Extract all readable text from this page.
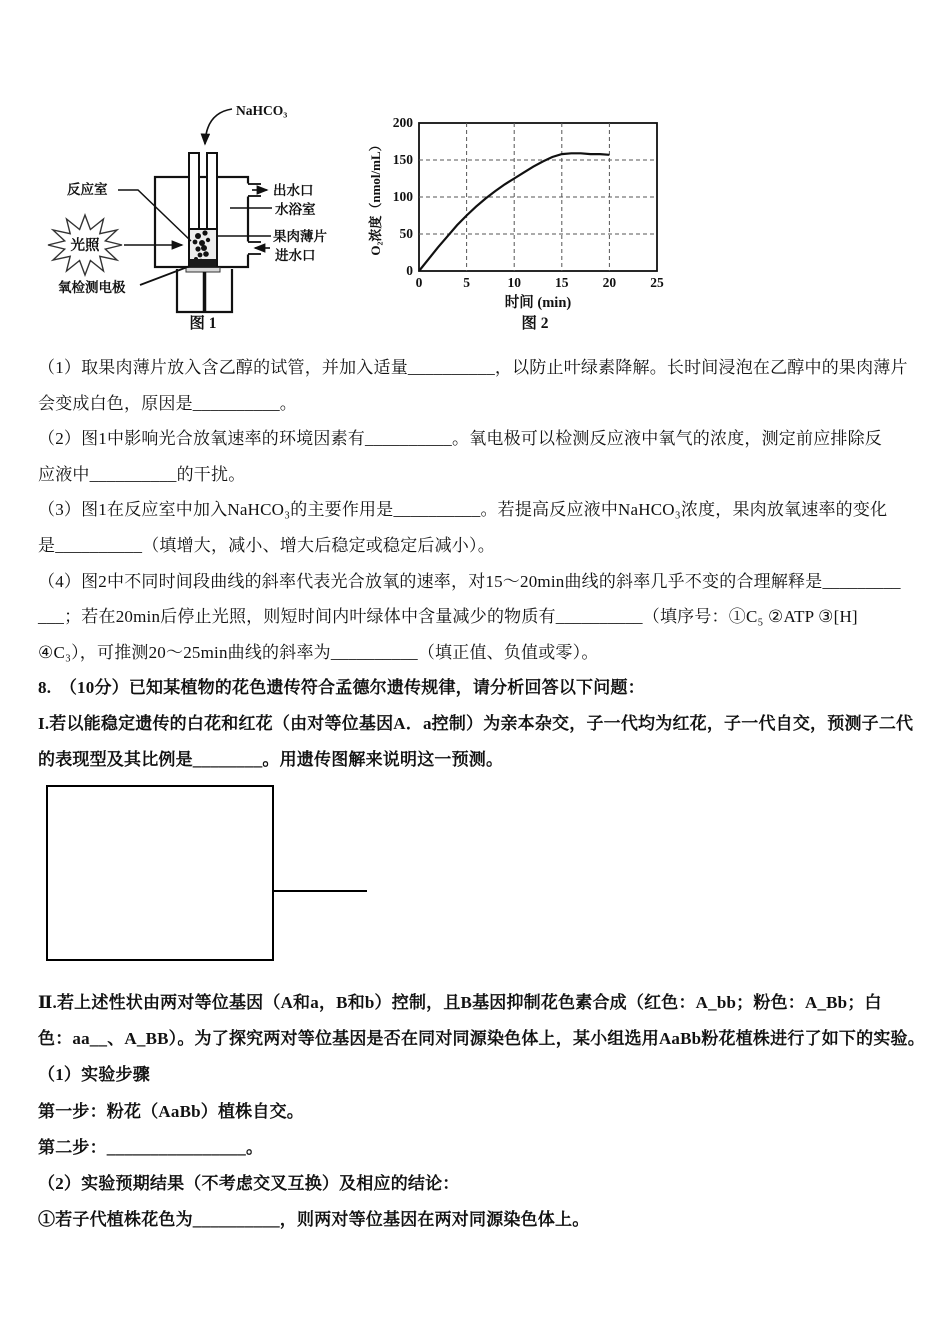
NaHCO₃
反应室	出水口
水浴室
果肉薄片
进水口
光照
氧检测电极
图 1
0
50
100
150
200
0	5	10	15	20	25
时间 (min)
O₂浓度（nmol/mL）
图 2
（1）取果肉薄片放入含乙醇的试管，并加入适量__________，以防止叶绿素降解。长时间浸泡在乙醇中的果肉薄片
会变成白色，原因是__________。
（2）图1中影响光合放氧速率的环境因素有__________。氧电极可以检测反应液中氧气的浓度，测定前应排除反
应液中__________的干扰。
（3）图1在反应室中加入NaHCO₃的主要作用是__________。若提高反应液中NaHCO₃浓度，果肉放氧速率的变化
是__________（填增大，减小、增大后稳定或稳定后减小）。
（4）图2中不同时间段曲线的斜率代表光合放氧的速率，对15～20min曲线的斜率几乎不变的合理解释是_________
___；若在20min后停止光照，则短时间内叶绿体中含量减少的物质有__________（填序号：①C₅ ②ATP ③[H]
④C₃），可推测20～25min曲线的斜率为__________（填正值、负值或零）。
8.　（10分）已知某植物的花色遗传符合孟德尔遗传规律，请分析回答以下问题：
I.若以能稳定遗传的白花和红花（由对等位基因A．a控制）为亲本杂交，子一代均为红花，子一代自交，预测子二代
的表现型及其比例是________。用遗传图解来说明这一预测。
Ⅱ.若上述性状由两对等位基因（A和a，B和b）控制，且B基因抑制花色素合成（红色：A_bb；粉色：A_Bb；白
色：aa__、A_BB）。为了探究两对等位基因是否在同对同源染色体上，某小组选用AaBb粉花植株进行了如下的实验。
（1）实验步骤
第一步：粉花（AaBb）植株自交。
第二步：________________。
（2）实验预期结果（不考虑交叉互换）及相应的结论：
①若子代植株花色为__________，则两对等位基因在两对同源染色体上。
